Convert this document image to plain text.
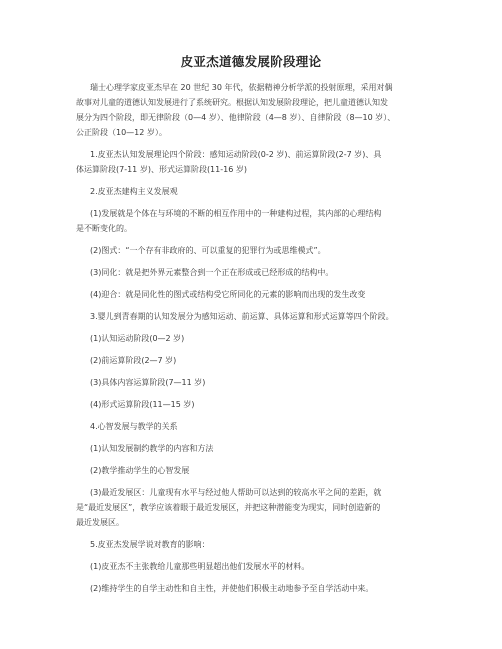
皮亚杰道德发展阶段理论
瑞士心理学家皮亚杰早在 20 世纪 30 年代，依据精神分析学派的投射原理，采用对偶
故事对儿童的道德认知发展进行了系统研究。根据认知发展阶段理论，把儿童道德认知发
展分为四个阶段，即无律阶段（0—4 岁）、他律阶段（4—8 岁）、自律阶段（8—10 岁）、
公正阶段（10—12 岁）。
1.皮亚杰认知发展理论四个阶段：感知运动阶段(0-2 岁)、前运算阶段(2-7 岁)、具
体运算阶段(7-11 岁)、形式运算阶段(11-16 岁)
2.皮亚杰建构主义发展观
(1)发展就是个体在与环境的不断的相互作用中的一种建构过程，其内部的心理结构
是不断变化的。
(2)图式：“一个存有非政府的、可以重复的犯罪行为或思维模式”。
(3)同化：就是把外界元素整合到一个正在形成或已经形成的结构中。
(4)迎合：就是同化性的图式或结构受它所同化的元素的影响而出现的发生改变
3.婴儿到青春期的认知发展分为感知运动、前运算、具体运算和形式运算等四个阶段。
(1)认知运动阶段(0—2 岁)
(2)前运算阶段(2—7 岁)
(3)具体内容运算阶段(7—11 岁)
(4)形式运算阶段(11—15 岁)
4.心智发展与教学的关系
(1)认知发展制约教学的内容和方法
(2)教学推动学生的心智发展
(3)最近发展区：儿童现有水平与经过他人帮助可以达到的较高水平之间的差距，就
是“最近发展区”，教学应该着眼于最近发展区，并把这种潜能变为现实，同时创造新的
最近发展区。
5.皮亚杰发展学说对教育的影响：
(1)皮亚杰不主张教给儿童那些明显超出他们发展水平的材料。
(2)维持学生的自学主动性和自主性，并使他们积极主动地参予至自学活动中来。
